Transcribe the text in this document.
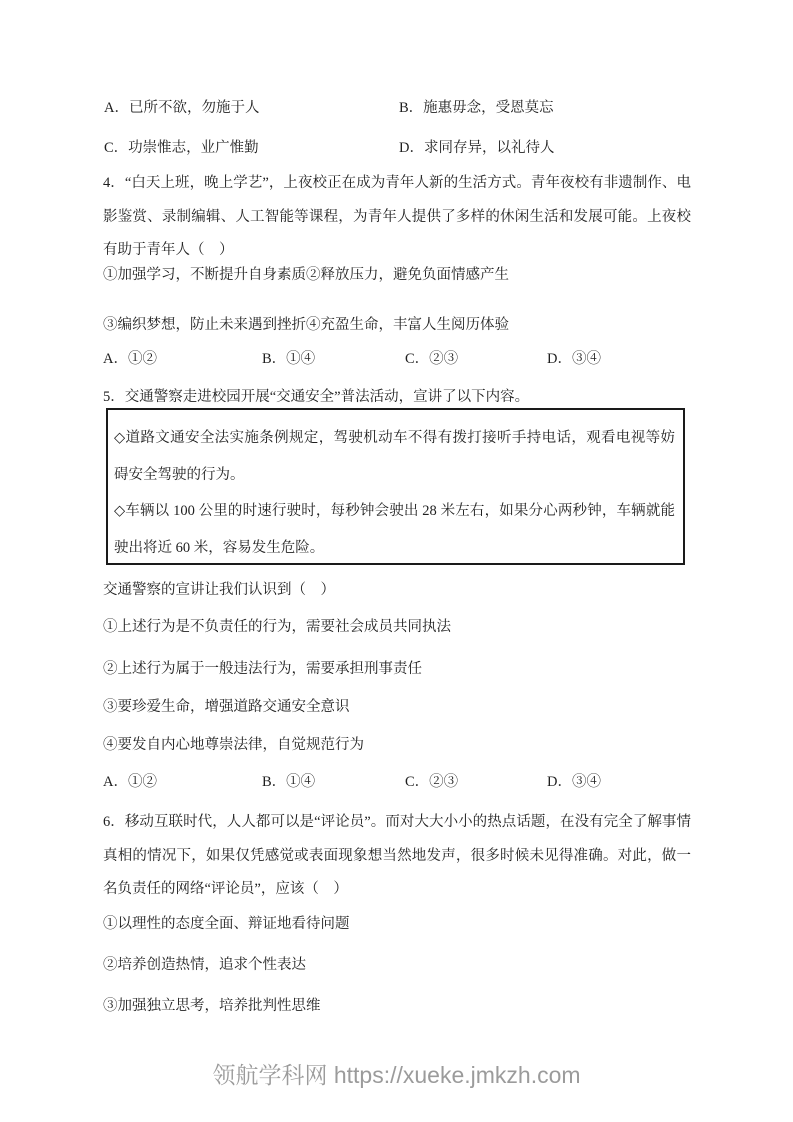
A．已所不欲，勿施于人	B．施惠毋念，受恩莫忘
C．功崇惟志，业广惟勤	D．求同存异，以礼待人
4．“白天上班，晚上学艺”，上夜校正在成为青年人新的生活方式。青年夜校有非遗制作、电影鉴赏、录制编辑、人工智能等课程，为青年人提供了多样的休闲生活和发展可能。上夜校有助于青年人（　）
①加强学习，不断提升自身素质②释放压力，避免负面情感产生
③编织梦想，防止未来遇到挫折④充盈生命，丰富人生阅历体验
A．①②	B．①④	C．②③	D．③④
5．交通警察走进校园开展“交通安全”普法活动，宣讲了以下内容。

◇道路文通安全法实施条例规定，驾驶机动车不得有拨打接听手持电话，观看电视等妨碍安全驾驶的行为。

◇车辆以 100 公里的时速行驶时，每秒钟会驶出 28 米左右，如果分心两秒钟，车辆就能驶出将近 60 米，容易发生危险。

交通警察的宣讲让我们认识到（　）
①上述行为是不负责任的行为，需要社会成员共同执法
②上述行为属于一般违法行为，需要承担刑事责任
③要珍爱生命，增强道路交通安全意识
④要发自内心地尊崇法律，自觉规范行为
A．①②	B．①④	C．②③	D．③④
6．移动互联时代，人人都可以是“评论员”。而对大大小小的热点话题，在没有完全了解事情真相的情况下，如果仅凭感觉或表面现象想当然地发声，很多时候未见得准确。对此，做一名负责任的网络“评论员”，应该（　）
①以理性的态度全面、辩证地看待问题
②培养创造热情，追求个性表达
③加强独立思考，培养批判性思维
领航学科网 https://xueke.jmkzh.com
